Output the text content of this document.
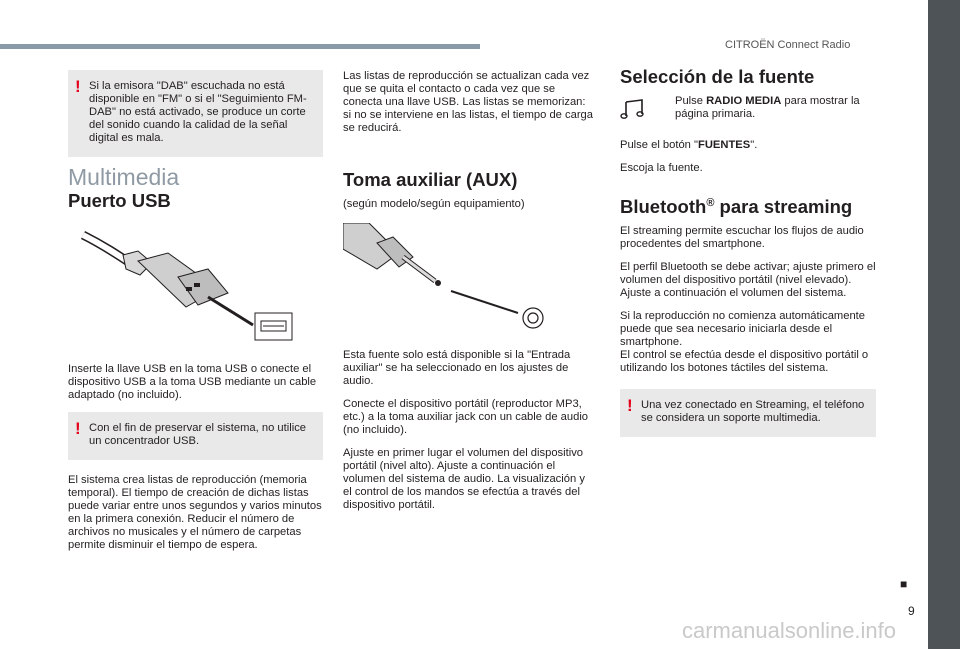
CITROËN Connect Radio
! Si la emisora "DAB" escuchada no está disponible en "FM" o si el "Seguimiento FM-DAB" no está activado, se produce un corte del sonido cuando la calidad de la señal digital es mala.
Multimedia
Puerto USB

Inserte la llave USB en la toma USB o conecte el dispositivo USB a la toma USB mediante un cable adaptado (no incluido).

! Con el fin de preservar el sistema, no utilice un concentrador USB.

El sistema crea listas de reproducción (memoria temporal). El tiempo de creación de dichas listas puede variar entre unos segundos y varios minutos en la primera conexión. Reducir el número de archivos no musicales y el número de carpetas permite disminuir el tiempo de espera.

Las listas de reproducción se actualizan cada vez que se quita el contacto o cada vez que se conecta una llave USB. Las listas se memorizan: si no se interviene en las listas, el tiempo de carga se reducirá.

Toma auxiliar (AUX)

(según modelo/según equipamiento)

Esta fuente solo está disponible si la "Entrada auxiliar" se ha seleccionado en los ajustes de audio.

Conecte el dispositivo portátil (reproductor MP3, etc.) a la toma auxiliar jack con un cable de audio (no incluido).

Ajuste en primer lugar el volumen del dispositivo portátil (nivel alto). Ajuste a continuación el volumen del sistema de audio. La visualización y el control de los mandos se efectúa a través del dispositivo portátil.

Selección de la fuente
Pulse RADIO MEDIA para mostrar la página primaria.

Pulse el botón "FUENTES".

Escoja la fuente.

Bluetooth® para streaming

El streaming permite escuchar los flujos de audio procedentes del smartphone.

El perfil Bluetooth se debe activar; ajuste primero el volumen del dispositivo portátil (nivel elevado).
Ajuste a continuación el volumen del sistema.

Si la reproducción no comienza automáticamente puede que sea necesario iniciarla desde el smartphone.
El control se efectúa desde el dispositivo portátil o utilizando los botones táctiles del sistema.

! Una vez conectado en Streaming, el teléfono se considera un soporte multimedia.
■
9
carmanualsonline.info
